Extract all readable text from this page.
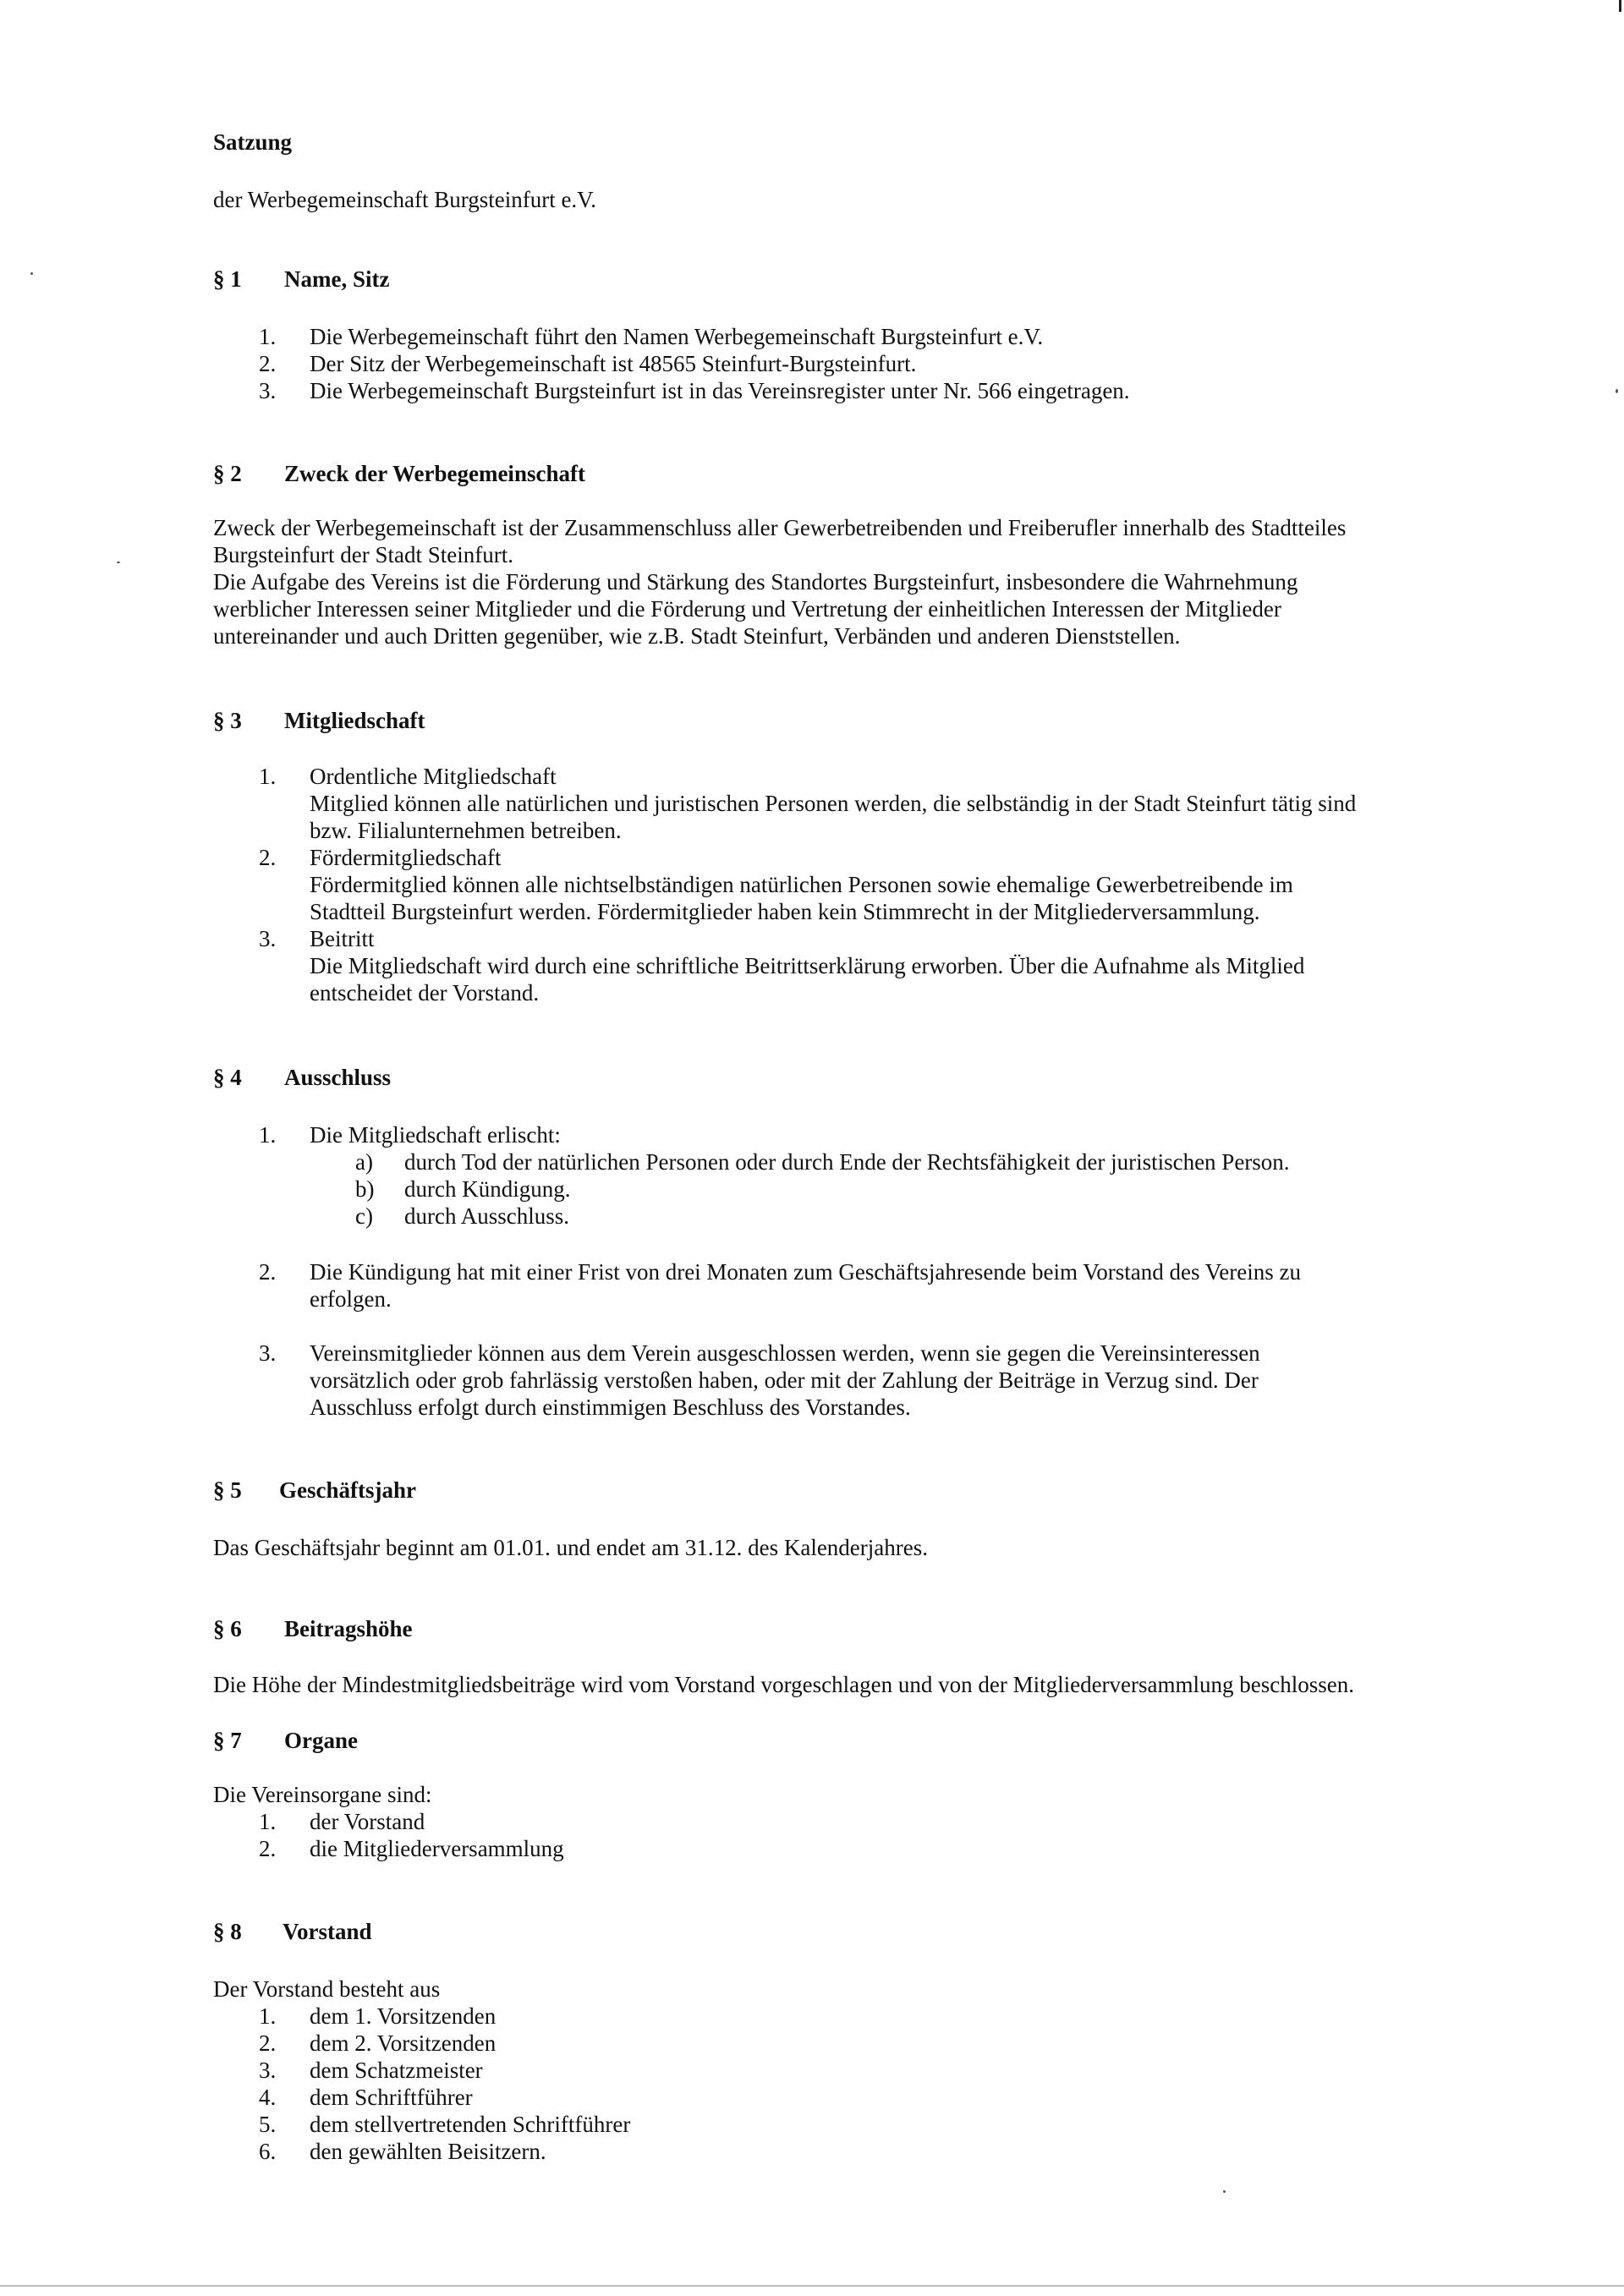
Satzung
der Werbegemeinschaft Burgsteinfurt e.V.
§ 1 Name, Sitz
1. Die Werbegemeinschaft führt den Namen Werbegemeinschaft Burgsteinfurt e.V.
2. Der Sitz der Werbegemeinschaft ist 48565 Steinfurt-Burgsteinfurt.
3. Die Werbegemeinschaft Burgsteinfurt ist in das Vereinsregister unter Nr. 566 eingetragen.
§ 2 Zweck der Werbegemeinschaft
Zweck der Werbegemeinschaft ist der Zusammenschluss aller Gewerbetreibenden und Freiberufler innerhalb des Stadtteiles
Burgsteinfurt der Stadt Steinfurt.
Die Aufgabe des Vereins ist die Förderung und Stärkung des Standortes Burgsteinfurt, insbesondere die Wahrnehmung
werblicher Interessen seiner Mitglieder und die Förderung und Vertretung der einheitlichen Interessen der Mitglieder
untereinander und auch Dritten gegenüber, wie z.B. Stadt Steinfurt, Verbänden und anderen Dienststellen.
§ 3 Mitgliedschaft
1. Ordentliche Mitgliedschaft
Mitglied können alle natürlichen und juristischen Personen werden, die selbständig in der Stadt Steinfurt tätig sind
bzw. Filialunternehmen betreiben.
2. Fördermitgliedschaft
Fördermitglied können alle nichtselbständigen natürlichen Personen sowie ehemalige Gewerbetreibende im
Stadtteil Burgsteinfurt werden. Fördermitglieder haben kein Stimmrecht in der Mitgliederversammlung.
3. Beitritt
Die Mitgliedschaft wird durch eine schriftliche Beitrittserklärung erworben. Über die Aufnahme als Mitglied
entscheidet der Vorstand.
§ 4 Ausschluss
1. Die Mitgliedschaft erlischt:
a) durch Tod der natürlichen Personen oder durch Ende der Rechtsfähigkeit der juristischen Person.
b) durch Kündigung.
c) durch Ausschluss.
2. Die Kündigung hat mit einer Frist von drei Monaten zum Geschäftsjahresende beim Vorstand des Vereins zu
erfolgen.
3. Vereinsmitglieder können aus dem Verein ausgeschlossen werden, wenn sie gegen die Vereinsinteressen
vorsätzlich oder grob fahrlässig verstoßen haben, oder mit der Zahlung der Beiträge in Verzug sind. Der
Ausschluss erfolgt durch einstimmigen Beschluss des Vorstandes.
§ 5 Geschäftsjahr
Das Geschäftsjahr beginnt am 01.01. und endet am 31.12. des Kalenderjahres.
§ 6 Beitragshöhe
Die Höhe der Mindestmitgliedsbeiträge wird vom Vorstand vorgeschlagen und von der Mitgliederversammlung beschlossen.
§ 7 Organe
Die Vereinsorgane sind:
1. der Vorstand
2. die Mitgliederversammlung
§ 8 Vorstand
Der Vorstand besteht aus
1. dem 1. Vorsitzenden
2. dem 2. Vorsitzenden
3. dem Schatzmeister
4. dem Schriftführer
5. dem stellvertretenden Schriftführer
6. den gewählten Beisitzern.
